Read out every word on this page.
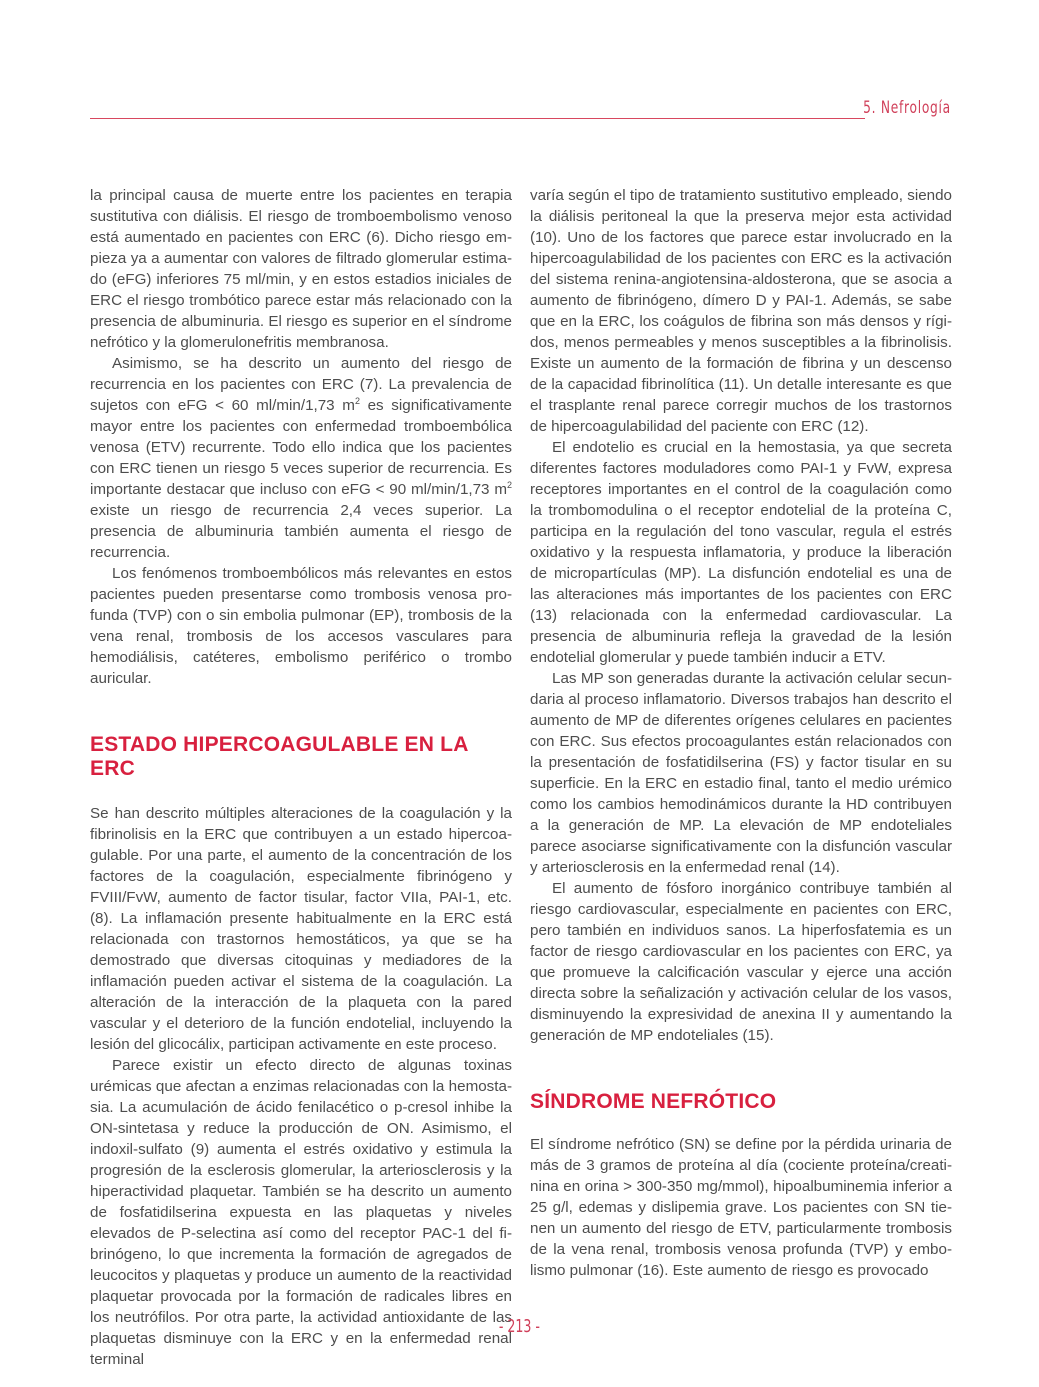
5. Nefrología

la principal causa de muerte entre los pacientes en terapia sustitutiva con diálisis. El riesgo de tromboembolismo venoso está aumentado en pacientes con ERC (6). Dicho riesgo empieza ya a aumentar con valores de filtrado glomerular estimado (eFG) inferiores 75 ml/min, y en estos estadios iniciales de ERC el riesgo trombótico parece estar más relacionado con la presencia de albuminuria. El riesgo es superior en el síndrome nefrótico y la glomerulonefritis membranosa.

Asimismo, se ha descrito un aumento del riesgo de recurrencia en los pacientes con ERC (7). La prevalencia de sujetos con eFG < 60 ml/min/1,73 $m^2$ es significativamente mayor entre los pacientes con enfermedad tromboembólica venosa (ETV) recurrente. Todo ello indica que los pacientes con ERC tienen un riesgo 5 veces superior de recurrencia. Es importante destacar que incluso con eFG < 90 ml/min/1,73 $m^2$ existe un riesgo de recurrencia 2,4 veces superior. La presencia de albuminuria también aumenta el riesgo de recurrencia.

Los fenómenos tromboembólicos más relevantes en estos pacientes pueden presentarse como trombosis venosa profunda (TVP) con o sin embolia pulmonar (EP), trombosis de la vena renal, trombosis de los accesos vasculares para hemodiálisis, catéteres, embolismo periférico o trombo auricular.

ESTADO HIPERCOAGULABLE EN LA ERC

Se han descrito múltiples alteraciones de la coagulación y la fibrinolisis en la ERC que contribuyen a un estado hipercoagulable. Por una parte, el aumento de la concentración de los factores de la coagulación, especialmente fibrinógeno y FVIII/FvW, aumento de factor tisular, factor VIIa, PAI-1, etc. (8). La inflamación presente habitualmente en la ERC está relacionada con trastornos hemostáticos, ya que se ha demostrado que diversas citoquinas y mediadores de la inflamación pueden activar el sistema de la coagulación. La alteración de la interacción de la plaqueta con la pared vascular y el deterioro de la función endotelial, incluyendo la lesión del glicocálix, participan activamente en este proceso.

Parece existir un efecto directo de algunas toxinas urémicas que afectan a enzimas relacionadas con la hemostasia. La acumulación de ácido fenilacético o p-cresol inhibe la ON-sintetasa y reduce la producción de ON. Asimismo, el indoxil-sulfato (9) aumenta el estrés oxidativo y estimula la progresión de la esclerosis glomerular, la arteriosclerosis y la hiperactividad plaquetar. También se ha descrito un aumento de fosfatidilserina expuesta en las plaquetas y niveles elevados de P-selectina así como del receptor PAC-1 del fibrinógeno, lo que incrementa la formación de agregados de leucocitos y plaquetas y produce un aumento de la reactividad plaquetar provocada por la formación de radicales libres en los neutrófilos. Por otra parte, la actividad antioxidante de las plaquetas disminuye con la ERC y en la enfermedad renal terminal

varía según el tipo de tratamiento sustitutivo empleado, siendo la diálisis peritoneal la que la preserva mejor esta actividad (10). Uno de los factores que parece estar involucrado en la hipercoagulabilidad de los pacientes con ERC es la activación del sistema renina-angiotensina-aldosterona, que se asocia a aumento de fibrinógeno, dímero D y PAI-1. Además, se sabe que en la ERC, los coágulos de fibrina son más densos y rígidos, menos permeables y menos susceptibles a la fibrinolisis. Existe un aumento de la formación de fibrina y un descenso de la capacidad fibrinolítica (11). Un detalle interesante es que el trasplante renal parece corregir muchos de los trastornos de hipercoagulabilidad del paciente con ERC (12).

El endotelio es crucial en la hemostasia, ya que secreta diferentes factores moduladores como PAI-1 y FvW, expresa receptores importantes en el control de la coagulación como la trombomodulina o el receptor endotelial de la proteína C, participa en la regulación del tono vascular, regula el estrés oxidativo y la respuesta inflamatoria, y produce la liberación de micropartículas (MP). La disfunción endotelial es una de las alteraciones más importantes de los pacientes con ERC (13) relacionada con la enfermedad cardiovascular. La presencia de albuminuria refleja la gravedad de la lesión endotelial glomerular y puede también inducir a ETV.

Las MP son generadas durante la activación celular secundaria al proceso inflamatorio. Diversos trabajos han descrito el aumento de MP de diferentes orígenes celulares en pacientes con ERC. Sus efectos procoagulantes están relacionados con la presentación de fosfatidilserina (FS) y factor tisular en su superficie. En la ERC en estadio final, tanto el medio urémico como los cambios hemodinámicos durante la HD contribuyen a la generación de MP. La elevación de MP endoteliales parece asociarse significativamente con la disfunción vascular y arteriosclerosis en la enfermedad renal (14).

El aumento de fósforo inorgánico contribuye también al riesgo cardiovascular, especialmente en pacientes con ERC, pero también en individuos sanos. La hiperfosfatemia es un factor de riesgo cardiovascular en los pacientes con ERC, ya que promueve la calcificación vascular y ejerce una acción directa sobre la señalización y activación celular de los vasos, disminuyendo la expresividad de anexina II y aumentando la generación de MP endoteliales (15).

SÍNDROME NEFRÓTICO

El síndrome nefrótico (SN) se define por la pérdida urinaria de más de 3 gramos de proteína al día (cociente proteína/creatinina en orina > 300-350 mg/mmol), hipoalbuminemia inferior a 25 g/l, edemas y dislipemia grave. Los pacientes con SN tienen un aumento del riesgo de ETV, particularmente trombosis de la vena renal, trombosis venosa profunda (TVP) y embolismo pulmonar (16). Este aumento de riesgo es provocado

- 213 -
